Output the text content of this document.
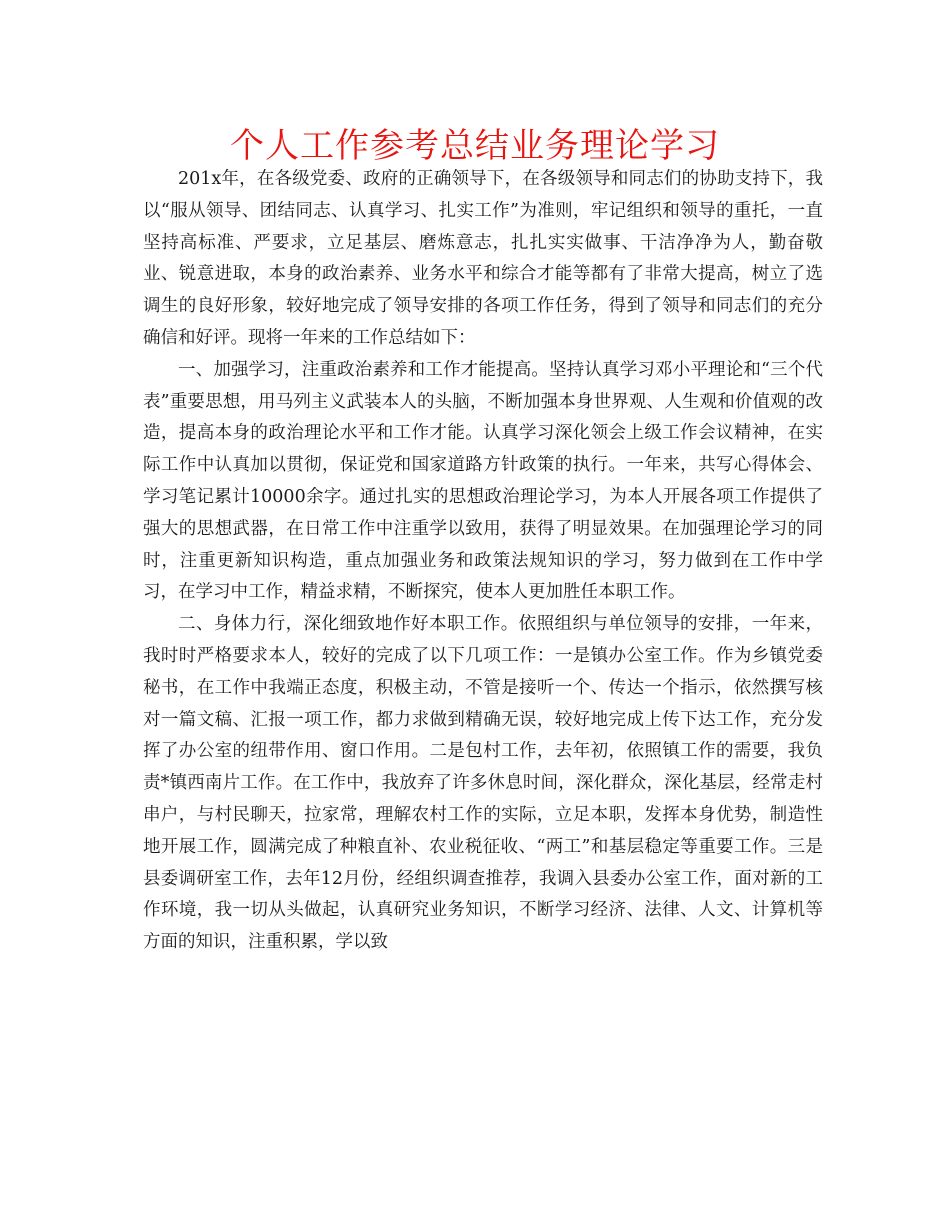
个人工作参考总结业务理论学习

201x年，在各级党委、政府的正确领导下，在各级领导和同志们的协助支持下，我以“服从领导、团结同志、认真学习、扎实工作”为准则，牢记组织和领导的重托，一直坚持高标准、严要求，立足基层、磨炼意志，扎扎实实做事、干洁净净为人，勤奋敬业、锐意进取，本身的政治素养、业务水平和综合才能等都有了非常大提高，树立了选调生的良好形象，较好地完成了领导安排的各项工作任务，得到了领导和同志们的充分确信和好评。现将一年来的工作总结如下：

一、加强学习，注重政治素养和工作才能提高。坚持认真学习邓小平理论和“三个代表”重要思想，用马列主义武装本人的头脑，不断加强本身世界观、人生观和价值观的改造，提高本身的政治理论水平和工作才能。认真学习深化领会上级工作会议精神，在实际工作中认真加以贯彻，保证党和国家道路方针政策的执行。一年来，共写心得体会、学习笔记累计10000余字。通过扎实的思想政治理论学习，为本人开展各项工作提供了强大的思想武器，在日常工作中注重学以致用，获得了明显效果。在加强理论学习的同时，注重更新知识构造，重点加强业务和政策法规知识的学习，努力做到在工作中学习，在学习中工作，精益求精，不断探究，使本人更加胜任本职工作。

二、身体力行，深化细致地作好本职工作。依照组织与单位领导的安排，一年来，我时时严格要求本人，较好的完成了以下几项工作：一是镇办公室工作。作为乡镇党委秘书，在工作中我端正态度，积极主动，不管是接听一个、传达一个指示，依然撰写核对一篇文稿、汇报一项工作，都力求做到精确无误，较好地完成上传下达工作，充分发挥了办公室的纽带作用、窗口作用。二是包村工作，去年初，依照镇工作的需要，我负责*镇西南片工作。在工作中，我放弃了许多休息时间，深化群众，深化基层，经常走村串户，与村民聊天，拉家常，理解农村工作的实际，立足本职，发挥本身优势，制造性地开展工作，圆满完成了种粮直补、农业税征收、“两工”和基层稳定等重要工作。三是县委调研室工作，去年12月份，经组织调查推荐，我调入县委办公室工作，面对新的工作环境，我一切从头做起，认真研究业务知识，不断学习经济、法律、人文、计算机等方面的知识，注重积累，学以致
